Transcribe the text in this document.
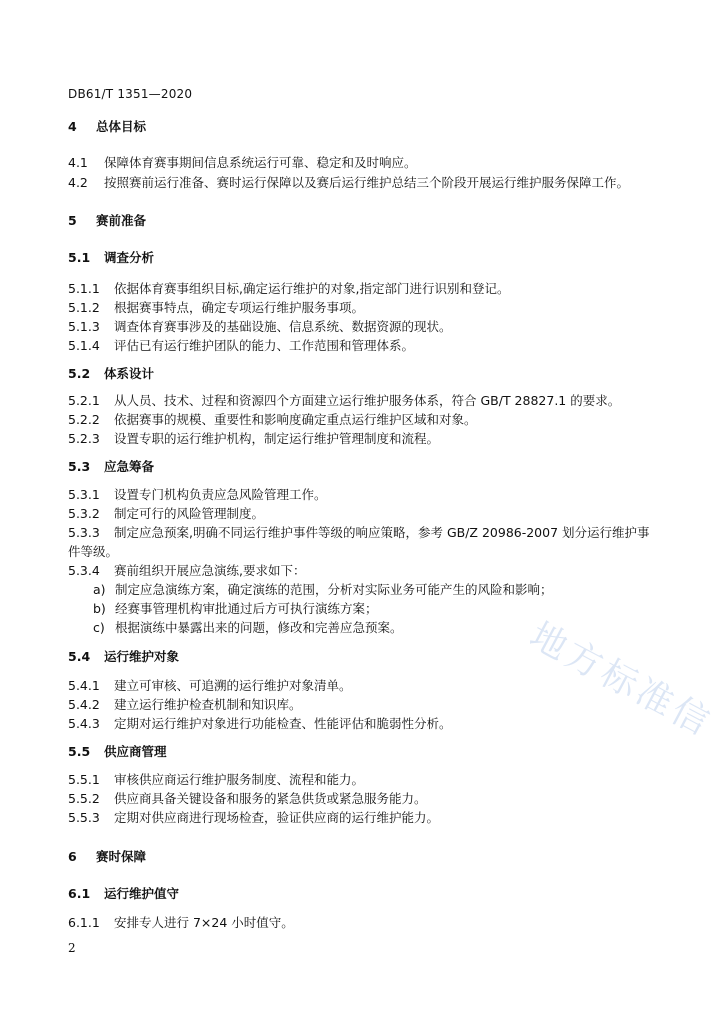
DB61/T 1351—2020
4 总体目标
4.1 保障体育赛事期间信息系统运行可靠、稳定和及时响应。
4.2 按照赛前运行准备、赛时运行保障以及赛后运行维护总结三个阶段开展运行维护服务保障工作。
5 赛前准备
5.1 调查分析
5.1.1 依据体育赛事组织目标,确定运行维护的对象,指定部门进行识别和登记。
5.1.2 根据赛事特点，确定专项运行维护服务事项。
5.1.3 调查体育赛事涉及的基础设施、信息系统、数据资源的现状。
5.1.4 评估已有运行维护团队的能力、工作范围和管理体系。
5.2 体系设计
5.2.1 从人员、技术、过程和资源四个方面建立运行维护服务体系，符合 GB/T 28827.1 的要求。
5.2.2 依据赛事的规模、重要性和影响度确定重点运行维护区域和对象。
5.2.3 设置专职的运行维护机构，制定运行维护管理制度和流程。
5.3 应急筹备
5.3.1 设置专门机构负责应急风险管理工作。
5.3.2 制定可行的风险管理制度。
5.3.3 制定应急预案,明确不同运行维护事件等级的响应策略，参考 GB/Z 20986-2007 划分运行维护事
件等级。
5.3.4 赛前组织开展应急演练,要求如下：
a) 制定应急演练方案，确定演练的范围，分析对实际业务可能产生的风险和影响；
b) 经赛事管理机构审批通过后方可执行演练方案；
c) 根据演练中暴露出来的问题，修改和完善应急预案。
5.4 运行维护对象
5.4.1 建立可审核、可追溯的运行维护对象清单。
5.4.2 建立运行维护检查机制和知识库。
5.4.3 定期对运行维护对象进行功能检查、性能评估和脆弱性分析。
5.5 供应商管理
5.5.1 审核供应商运行维护服务制度、流程和能力。
5.5.2 供应商具备关键设备和服务的紧急供货或紧急服务能力。
5.5.3 定期对供应商进行现场检查，验证供应商的运行维护能力。
6 赛时保障
6.1 运行维护值守
6.1.1 安排专人进行 7×24 小时值守。
2
地方标准信
